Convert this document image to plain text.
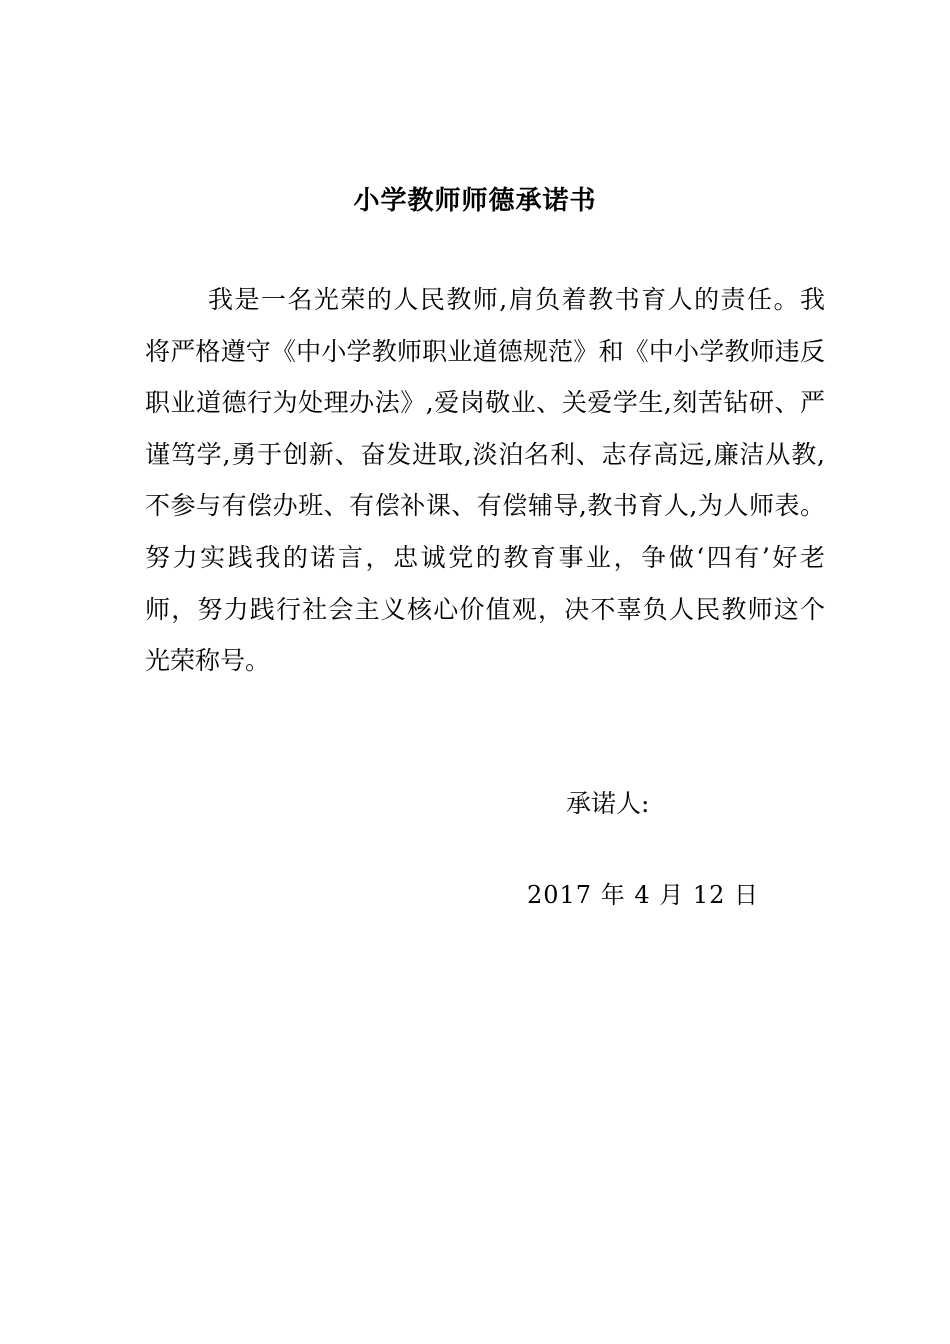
小学教师师德承诺书
我是一名光荣的人民教师,肩负着教书育人的责任。我
将严格遵守《中小学教师职业道德规范》和《中小学教师违反
职业道德行为处理办法》,爱岗敬业、关爱学生,刻苦钻研、严
谨笃学,勇于创新、奋发进取,淡泊名利、志存高远,廉洁从教,
不参与有偿办班、有偿补课、有偿辅导,教书育人,为人师表。
努力实践我的诺言，忠诚党的教育事业，争做‘四有’好老
师，努力践行社会主义核心价值观，决不辜负人民教师这个
光荣称号。
承诺人:
2017 年 4 月 12 日
